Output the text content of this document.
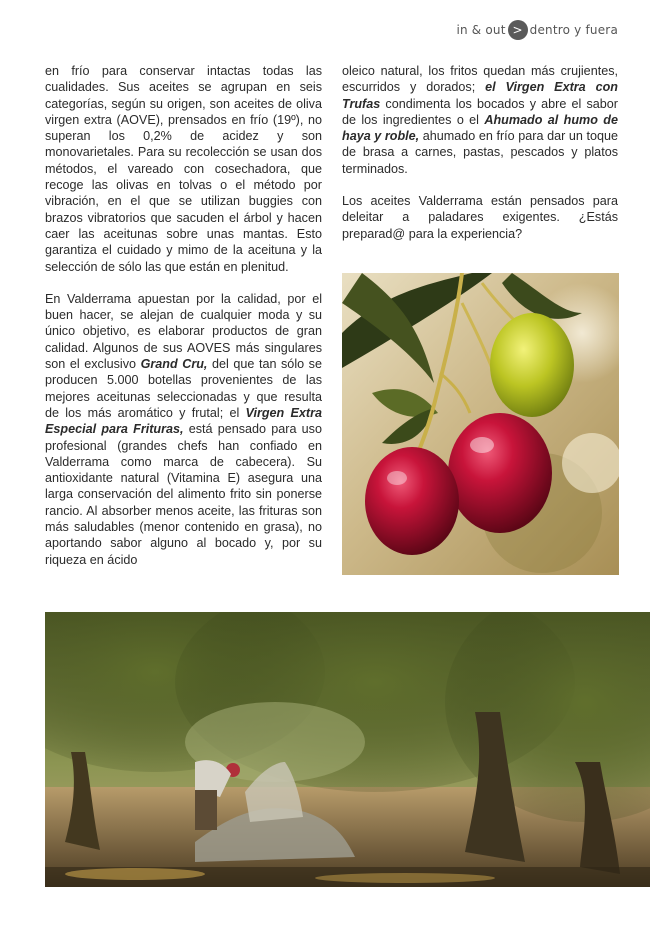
in & out > dentro y fuera

en frío para conservar intactas todas las cualidades. Sus aceites se agrupan en seis categorías, según su origen, son aceites de oliva virgen extra (AOVE), prensados en frío (19º), no superan los 0,2% de acidez y son monovarietales. Para su recolección se usan dos métodos, el vareado con cosechadora, que recoge las olivas en tolvas o el método por vibración, en el que se utilizan buggies con brazos vibratorios que sacuden el árbol y hacen caer las aceitunas sobre unas mantas. Esto garantiza el cuidado y mimo de la aceituna y la selección de sólo las que están en plenitud.

En Valderrama apuestan por la calidad, por el buen hacer, se alejan de cualquier moda y su único objetivo, es elaborar productos de gran calidad. Algunos de sus AOVES más singulares son el exclusivo Grand Cru, del que tan sólo se producen 5.000 botellas provenientes de las mejores aceitunas seleccionadas y que resulta de los más aromático y frutal; el Virgen Extra Especial para Frituras, está pensado para uso profesional (grandes chefs han confiado en Valderrama como marca de cabecera). Su antioxidante natural (Vitamina E) asegura una larga conservación del alimento frito sin ponerse rancio. Al absorber menos aceite, las frituras son más saludables (menor contenido en grasa), no aportando sabor alguno al bocado y, por su riqueza en ácido

oleico natural, los fritos quedan más crujientes, escurridos y dorados; el Virgen Extra con Trufas condimenta los bocados y abre el sabor de los ingredientes o el Ahumado al humo de haya y roble, ahumado en frío para dar un toque de brasa a carnes, pastas, pescados y platos terminados.

Los aceites Valderrama están pensados para deleitar a paladares exigentes. ¿Estás preparad@ para la experiencia?
